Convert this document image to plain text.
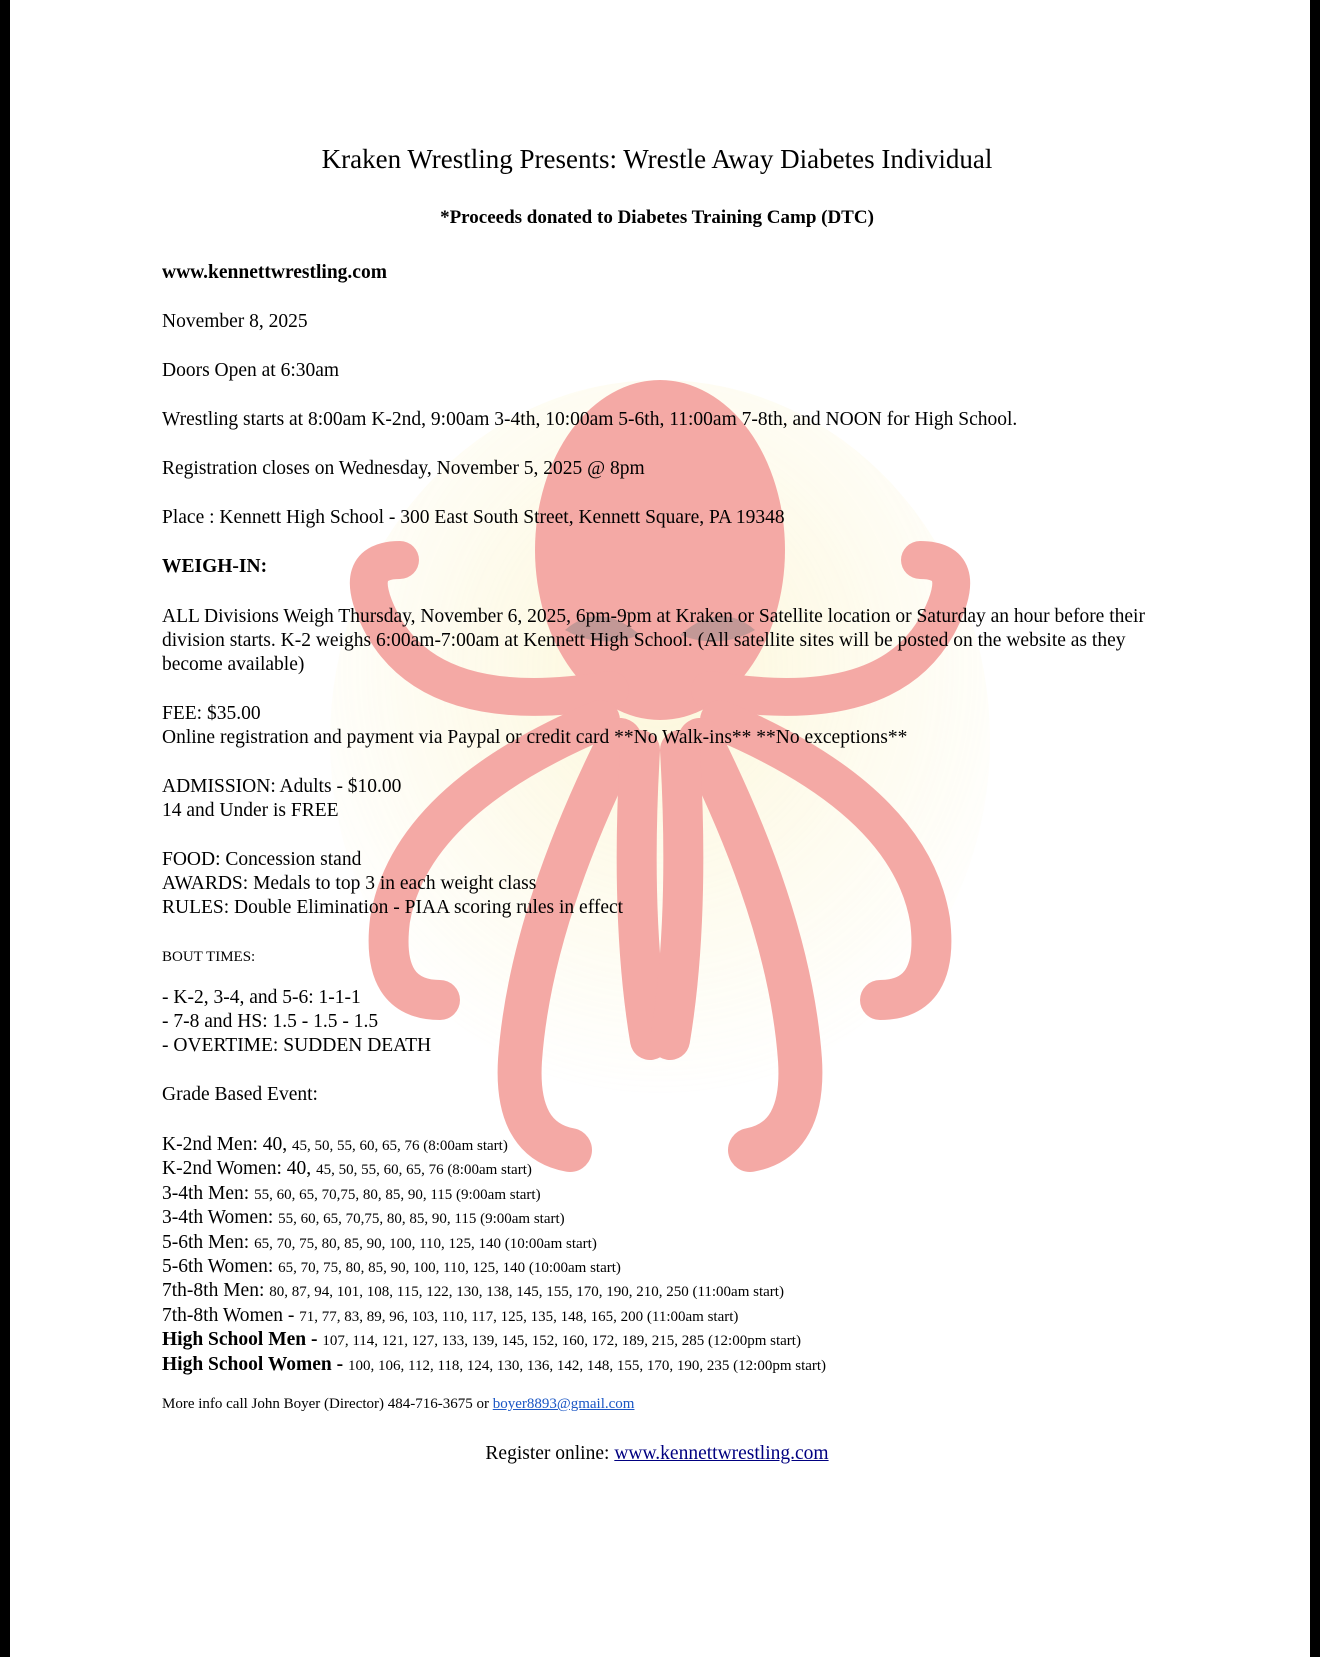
Kraken Wrestling Presents: Wrestle Away Diabetes Individual
*Proceeds donated to Diabetes Training Camp (DTC)
www.kennettwrestling.com
November 8, 2025
Doors Open at 6:30am
Wrestling starts at 8:00am K-2nd, 9:00am 3-4th, 10:00am 5-6th, 11:00am 7-8th, and NOON for High School.
Registration closes on Wednesday, November 5, 2025 @ 8pm
Place : Kennett High School - 300 East South Street, Kennett Square, PA 19348
WEIGH-IN:
ALL Divisions Weigh Thursday, November 6, 2025, 6pm-9pm at Kraken or Satellite location or Saturday an hour before their division starts. K-2 weighs 6:00am-7:00am at Kennett High School. (All satellite sites will be posted on the website as they become available)
FEE: $35.00
Online registration and payment via Paypal or credit card **No Walk-ins** **No exceptions**
ADMISSION: Adults - $10.00
14 and Under is FREE
FOOD: Concession stand
AWARDS: Medals to top 3 in each weight class
RULES: Double Elimination - PIAA scoring rules in effect
BOUT TIMES:
- K-2, 3-4, and 5-6: 1-1-1
- 7-8 and HS: 1.5 - 1.5 - 1.5
- OVERTIME: SUDDEN DEATH
Grade Based Event:
K-2nd Men: 40, 45, 50, 55, 60, 65, 76 (8:00am start)
K-2nd Women: 40, 45, 50, 55, 60, 65, 76 (8:00am start)
3-4th Men: 55, 60, 65, 70,75, 80, 85, 90, 115 (9:00am start)
3-4th Women: 55, 60, 65, 70,75, 80, 85, 90, 115 (9:00am start)
5-6th Men: 65, 70, 75, 80, 85, 90, 100, 110, 125, 140 (10:00am start)
5-6th Women: 65, 70, 75, 80, 85, 90, 100, 110, 125, 140 (10:00am start)
7th-8th Men: 80, 87, 94, 101, 108, 115, 122, 130, 138, 145, 155, 170, 190, 210, 250 (11:00am start)
7th-8th Women - 71, 77, 83, 89, 96, 103, 110, 117, 125, 135, 148, 165, 200 (11:00am start)
High School Men - 107, 114, 121, 127, 133, 139, 145, 152, 160, 172, 189, 215, 285 (12:00pm start)
High School Women - 100, 106, 112, 118, 124, 130, 136, 142, 148, 155, 170, 190, 235 (12:00pm start)
More info call John Boyer (Director) 484-716-3675 or boyer8893@gmail.com
Register online: www.kennettwrestling.com
